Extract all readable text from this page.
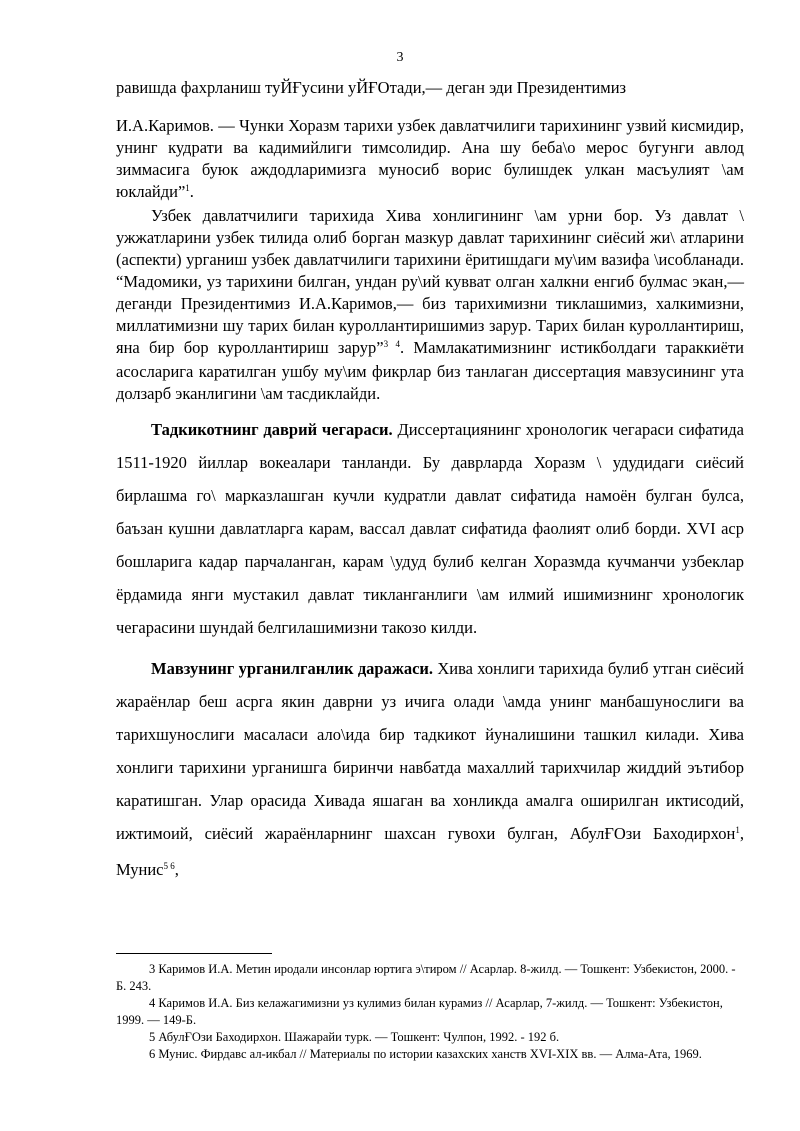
3

равишда фахрланиш туЙҒусини уЙҒОтади,— деган эди Президентимиз

И.А.Каримов. — Чунки Хоразм тарихи узбек давлатчилиги тарихининг узвий кисмидир, унинг кудрати ва кадимийлиги тимсолидир. Ана шу беба\о мерос бугунги авлод зиммасига буюк аждодларимизга муносиб ворис булишдек улкан масъулият \ам юклайди”$^1$.

Узбек давлатчилиги тарихида Хива хонлигининг \ам урни бор. Уз давлат \ ужжатларини узбек тилида олиб борган мазкур давлат тарихининг сиёсий жи\ атларини (аспекти) урганиш узбек давлатчилиги тарихини ёритишдаги му\им вазифа \исобланади. “Мадомики, уз тарихини билган, ундан ру\ий кувват олган халкни енгиб булмас экан,— деганди Президентимиз И.А.Каримов,— биз тарихимизни тиклашимиз, халкимизни, миллатимизни шу тарих билан куроллантиришимиз зарур. Тарих билан куроллантириш, яна бир бор куроллантириш зарур”$^{3 4}$. Мамлакатимизнинг истикболдаги тараккиёти асосларига каратилган ушбу му\им фикрлар биз танлаган диссертация мавзусининг ута долзарб эканлигини \ам тасдиклайди.

Тадкикотнинг даврий чегараси. Диссертациянинг хронологик чегараси сифатида 1511-1920 йиллар вокеалари танланди. Бу даврларда Хоразм \ удудидаги сиёсий бирлашма го\ марказлашган кучли кудратли давлат сифатида намоён булган булса, баъзан кушни давлатларга карам, вассал давлат сифатида фаолият олиб борди. XVI аср бошларига кадар парчаланган, карам \удуд булиб келган Хоразмда кучманчи узбеклар ёрдамида янги мустакил давлат тикланганлиги \ам илмий ишимизнинг хронологик чегарасини шундай белгилашимизни такозо килди.

Мавзунинг урганилганлик даражаси. Хива хонлиги тарихида булиб утган сиёсий жараёнлар беш асрга якин даврни уз ичига олади \амда унинг манбашунослиги ва тарихшунослиги масаласи ало\ида бир тадкикот йуналишини ташкил килади. Хива хонлиги тарихини урганишга биринчи навбатда махаллий тарихчилар жиддий эътибор каратишган. Улар орасида Хивада яшаган ва хонликда амалга оширилган иктисодий, ижтимоий, сиёсий жараёнларнинг шахсан гувохи булган, АбулҒОзи Баходирхон$^1$, Мунис$^{5 6}$,

3 Каримов И.А. Метин иродали инсонлар юртига э\тиром // Асарлар. 8-жилд. — Тошкент: Узбекистон, 2000. - Б. 243.

4 Каримов И.А. Биз келажагимизни уз кулимиз билан курамиз // Асарлар, 7-жилд. — Тошкент: Узбекистон, 1999. — 149-Б.

5 АбулҒОзи Баходирхон. Шажарайи турк. — Тошкент: Чулпон, 1992. - 192 б.

6 Мунис. Фирдавс ал-икбал // Материалы по истории казахских ханств XVI-XIX вв. — Алма-Ата, 1969.
